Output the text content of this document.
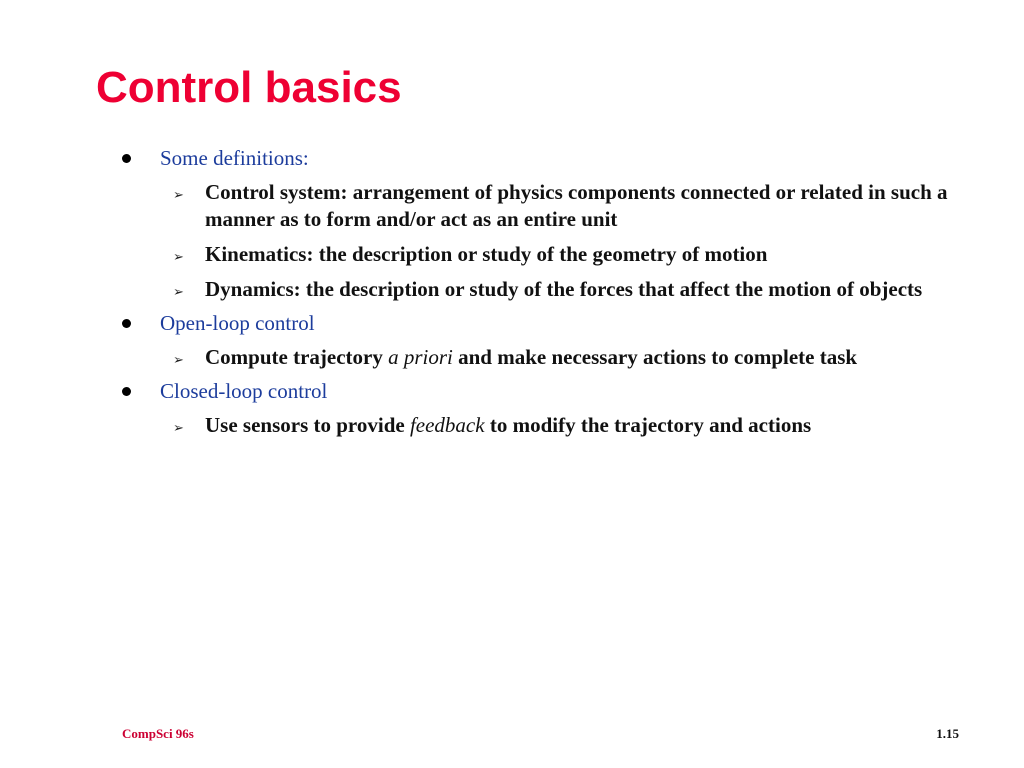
Control basics
Some definitions:
➢ Control system: arrangement of physics components connected or related in such a manner as to form and/or act as an entire unit
➢ Kinematics: the description or study of the geometry of motion
➢ Dynamics: the description or study of the forces that affect the motion of objects
Open-loop control
➢ Compute trajectory a priori and make necessary actions to complete task
Closed-loop control
➢ Use sensors to provide feedback to modify the trajectory and actions
CompSci 96s	1.15
